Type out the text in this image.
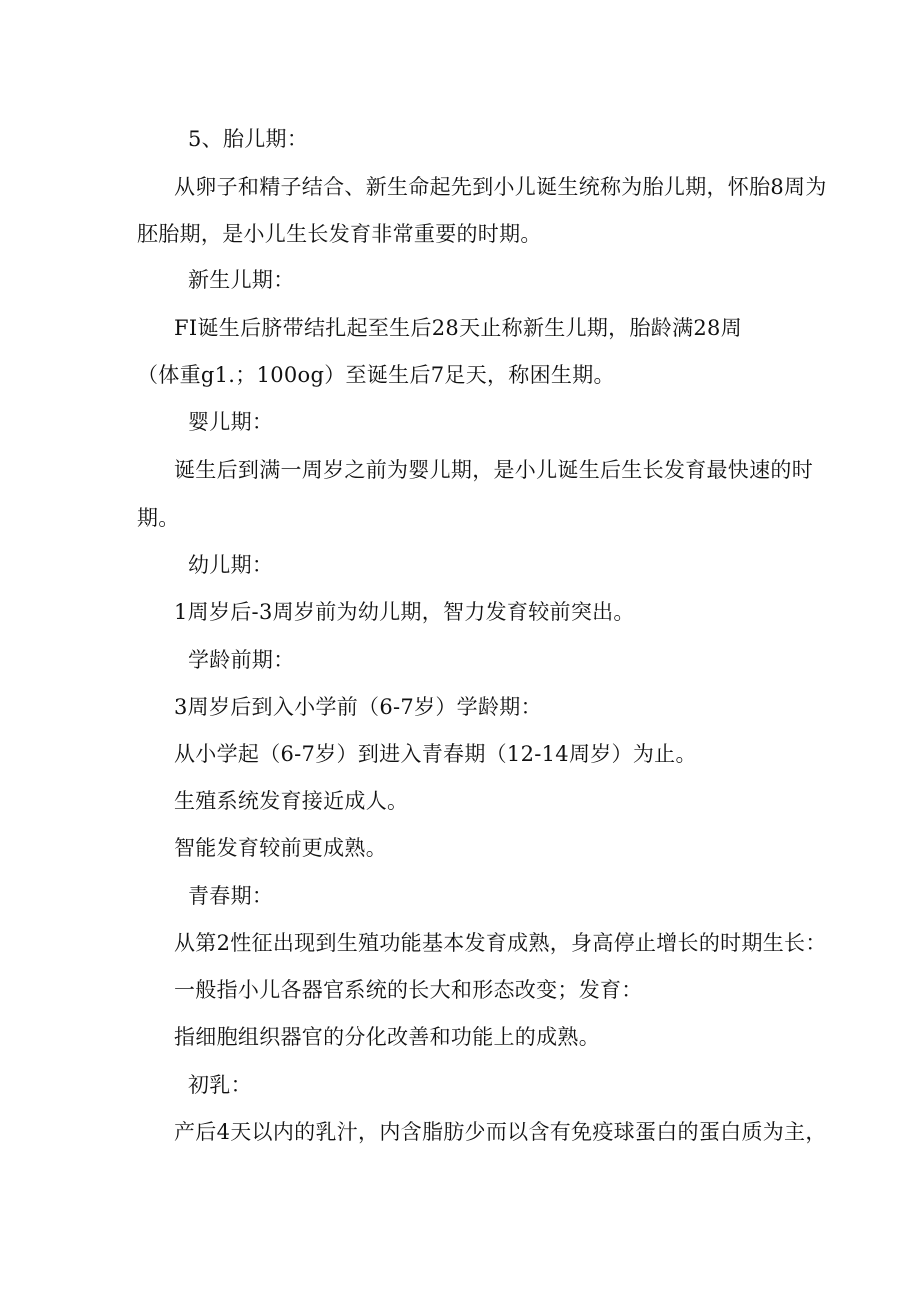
5、胎儿期：
从卵子和精子结合、新生命起先到小儿诞生统称为胎儿期，怀胎8周为
胚胎期，是小儿生长发育非常重要的时期。
新生儿期：
FI诞生后脐带结扎起至生后28天止称新生儿期，胎龄满28周
（体重g1.；100og）至诞生后7足天，称困生期。
婴儿期：
诞生后到满一周岁之前为婴儿期，是小儿诞生后生长发育最快速的时
期。
幼儿期：
1周岁后-3周岁前为幼儿期，智力发育较前突出。
学龄前期：
3周岁后到入小学前（6-7岁）学龄期：
从小学起（6-7岁）到进入青春期（12-14周岁）为止。
生殖系统发育接近成人。
智能发育较前更成熟。
青春期：
从第2性征出现到生殖功能基本发育成熟，身高停止增长的时期生长：
一般指小儿各器官系统的长大和形态改变；发育：
指细胞组织器官的分化改善和功能上的成熟。
初乳：
产后4天以内的乳汁，内含脂肪少而以含有免疫球蛋白的蛋白质为主，
